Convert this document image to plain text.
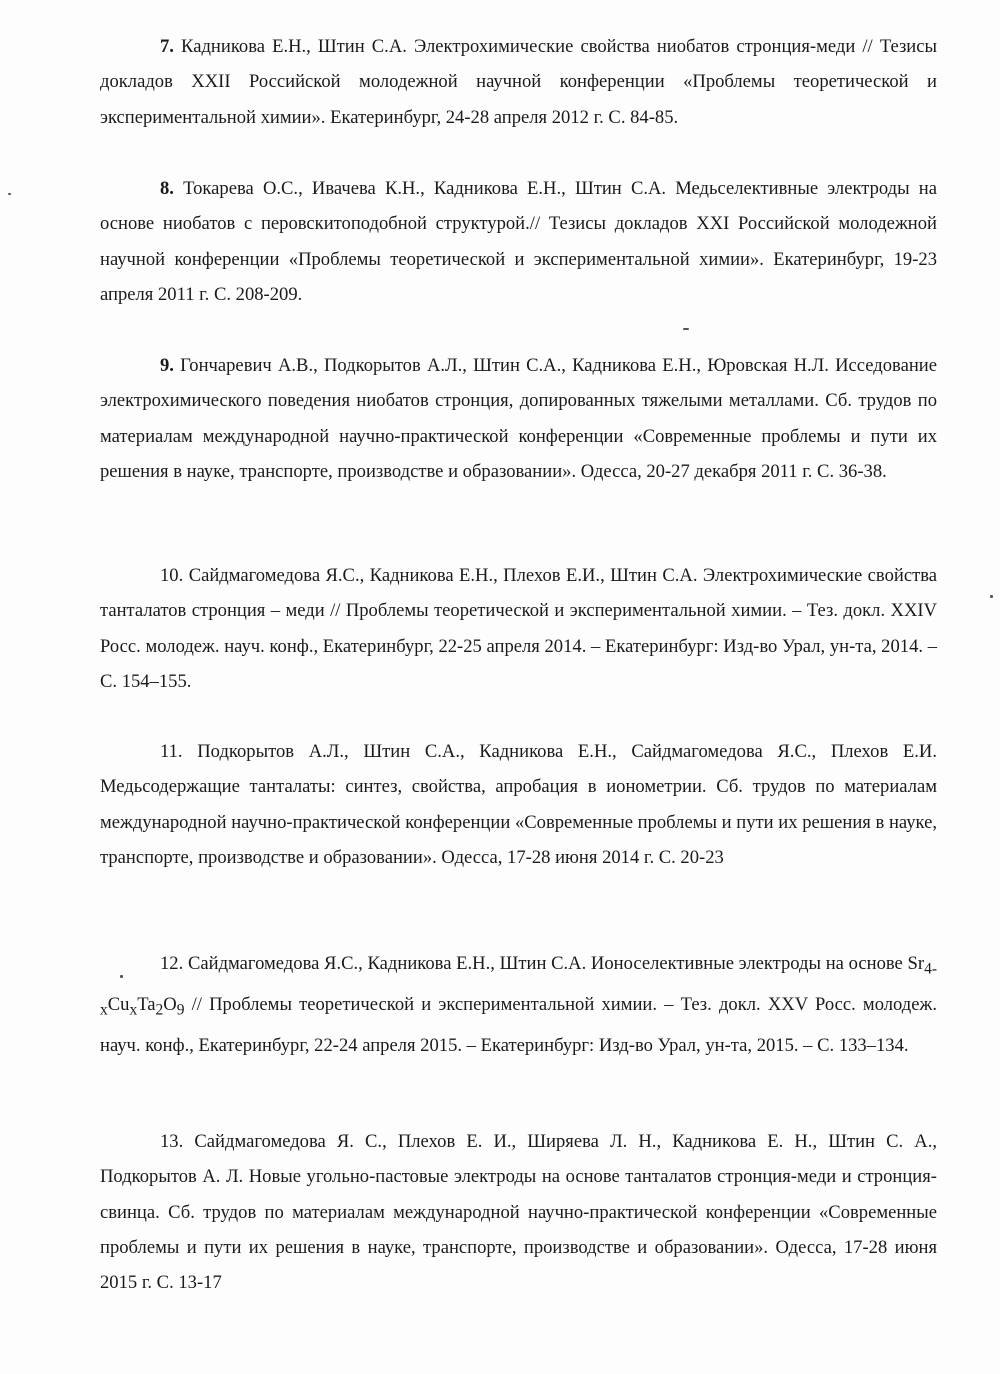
7. Кадникова Е.Н., Штин С.А. Электрохимические свойства ниобатов стронция-меди // Тезисы докладов XXII Российской молодежной научной конференции «Проблемы теоретической и экспериментальной химии». Екатеринбург, 24-28 апреля 2012 г. С. 84-85.

8. Токарева О.С., Ивачева К.Н., Кадникова Е.Н., Штин С.А. Медьселективные электроды на основе ниобатов с перовскитоподобной структурой.// Тезисы докладов XXI Российской молодежной научной конференции «Проблемы теоретической и экспериментальной химии». Екатеринбург, 19-23 апреля 2011 г. С. 208-209.

9. Гончаревич А.В., Подкорытов А.Л., Штин С.А., Кадникова Е.Н., Юровская Н.Л. Исседование электрохимического поведения ниобатов стронция, допированных тяжелыми металлами. Сб. трудов по материалам международной научно-практической конференции «Современные проблемы и пути их решения в науке, транспорте, производстве и образовании». Одесса, 20-27 декабря 2011 г. С. 36-38.

10. Сайдмагомедова Я.С., Кадникова Е.Н., Плехов Е.И., Штин С.А. Электрохимические свойства танталатов стронция – меди // Проблемы теоретической и экспериментальной химии. – Тез. докл. XXIV Росс. молодеж. науч. конф., Екатеринбург, 22-25 апреля 2014. – Екатеринбург: Изд-во Урал, ун-та, 2014. – С. 154–155.

11. Подкорытов А.Л., Штин С.А., Кадникова Е.Н., Сайдмагомедова Я.С., Плехов Е.И. Медьсодержащие танталаты: синтез, свойства, апробация в ионометрии. Сб. трудов по материалам международной научно-практической конференции «Современные проблемы и пути их решения в науке, транспорте, производстве и образовании». Одесса, 17-28 июня 2014 г. С. 20-23

12. Сайдмагомедова Я.С., Кадникова Е.Н., Штин С.А. Ионоселективные электроды на основе $Sr_{4-x}Cu_xTa_2O_9$ // Проблемы теоретической и экспериментальной химии. – Тез. докл. XXV Росс. молодеж. науч. конф., Екатеринбург, 22-24 апреля 2015. – Екатеринбург: Изд-во Урал, ун-та, 2015. – С. 133–134.

13. Сайдмагомедова Я. С., Плехов Е. И., Ширяева Л. Н., Кадникова Е. Н., Штин С. А., Подкорытов А. Л. Новые угольно-пастовые электроды на основе танталатов стронция-меди и стронция-свинца. Сб. трудов по материалам международной научно-практической конференции «Современные проблемы и пути их решения в науке, транспорте, производстве и образовании». Одесса, 17-28 июня 2015 г. С. 13-17
